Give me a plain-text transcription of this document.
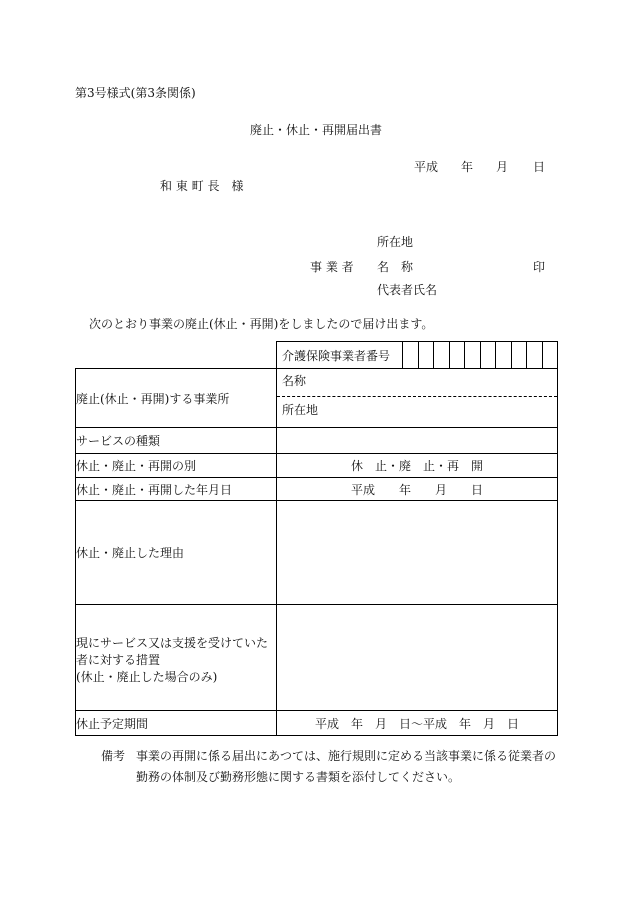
第3号様式(第3条関係)
廃止・休止・再開届出書
平成 年 月 日
和 東 町 長　様
所在地
事 業 者 名　称	印
代表者氏名
次のとおり事業の廃止(休止・再開)をしましたので届け出ます。

介護保険事業者番号

廃止(休止・再開)する事業所	名称
所在地

サービスの種類	
休止・廃止・再開の別	休　止・廃　止・再　開
休止・廃止・再開した年月日	平成　　年　　月　　日
休止・廃止した理由	

現にサービス又は支援を受けていた者に対する措置
(休止・廃止した場合のみ)	

休止予定期間	平成　年　月　日〜平成　年　月　日
備考 事業の再開に係る届出にあつては、施行規則に定める当該事業に係る従業者の勤務の体制及び勤務形態に関する書類を添付してください。
